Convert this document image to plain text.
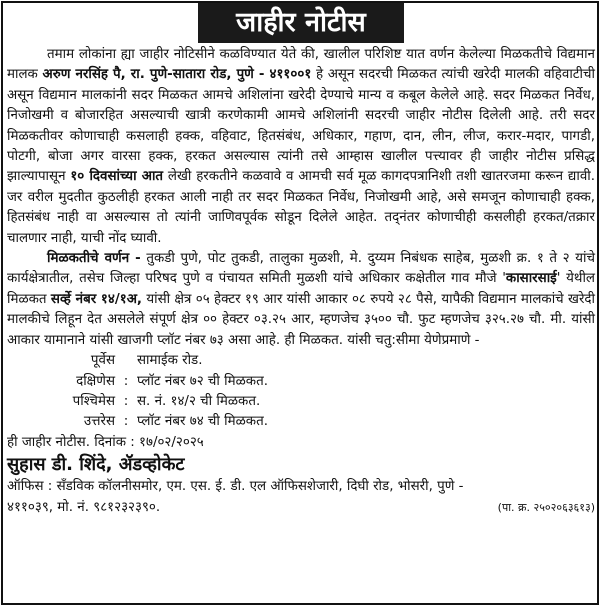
जाहीर नोटीस

तमाम लोकांना ह्या जाहीर नोटिसीने कळविण्यात येते की, खालील परिशिष्ट यात वर्णन केलेल्या मिळकतीचे विद्यमान मालक अरुण नरसिंह पै, रा. पुणे-सातारा रोड, पुणे - ४११००१ हे असून सदरची मिळकत त्यांची खरेदी मालकी वहिवाटीची असून विद्यमान मालकांनी सदर मिळकत आमचे अशिलांना खरेदी देण्याचे मान्य व कबूल केलेले आहे. सदर मिळकत निर्वेध, निजोखमी व बोजारहित असल्याची खात्री करणेकामी आमचे अशिलांनी सदरची जाहीर नोटीस दिलेली आहे. तरी सदर मिळकतीवर कोणाचाही कसलाही हक्क, वहिवाट, हितसंबंध, अधिकार, गहाण, दान, लीन, लीज, करार-मदार, पागडी, पोटगी, बोजा अगर वारसा हक्क, हरकत असल्यास त्यांनी तसे आम्हास खालील पत्त्यावर ही जाहीर नोटीस प्रसिद्ध झाल्यापासून १० दिवसांच्या आत लेखी हरकतीने कळवावे व आमची सर्व मूळ कागदपत्रानिशी तशी खातरजमा करून द्यावी. जर वरील मुदतीत कुठलीही हरकत आली नाही तर सदर मिळकत निर्वेध, निजोखमी आहे, असे समजून कोणाचाही हक्क, हितसंबंध नाही वा असल्यास तो त्यांनी जाणिवपूर्वक सोडून दिलेले आहेत. तद्नंतर कोणाचीही कसलीही हरकत/तक्रार चालणार नाही, याची नोंद घ्यावी.

मिळकतीचे वर्णन - तुकडी पुणे, पोट तुकडी, तालुका मुळशी, मे. दुय्यम निबंधक साहेब, मुळशी क्र. १ ते २ यांचे कार्यक्षेत्रातील, तसेच जिल्हा परिषद पुणे व पंचायत समिती मुळशी यांचे अधिकार कक्षेतील गाव मौजे 'कासारसाई' येथील मिळकत सर्व्हे नंबर १४/१अ, यांसी क्षेत्र ०५ हेक्टर १९ आर यांसी आकार ०८ रुपये २८ पैसे, यापैकी विद्यमान मालकांचे खरेदी मालकीचे लिहून देत असलेले संपूर्ण क्षेत्र ०० हेक्टर ०३.२५ आर, म्हणजेच ३५०० चौ. फुट म्हणजेच ३२५.२७ चौ. मी. यांसी आकार यामानाने यांसी खाजगी प्लॉट नंबर ७३ असा आहे. ही मिळकत. यांसी चतु:सीमा येणेप्रमाणे -

पूर्वेस सामाईक रोड.
दक्षिणेस : प्लॉट नंबर ७२ ची मिळकत.
पश्चिमेस : स. नं. १४/२ ची मिळकत.
उत्तरेस : प्लॉट नंबर ७४ ची मिळकत.

ही जाहीर नोटीस. दिनांक : १७/०२/२०२५

सुहास डी. शिंदे, ॲडव्होकेट

ऑफिस : सॅंडविक कॉलनीसमोर, एम. एस. ई. डी. एल ऑफिसशेजारी, दिघी रोड, भोसरी, पुणे -

४११०३९, मो. नं. ९८१२३२३९०.	(पा. क्र. २५०२०६३६१३)
